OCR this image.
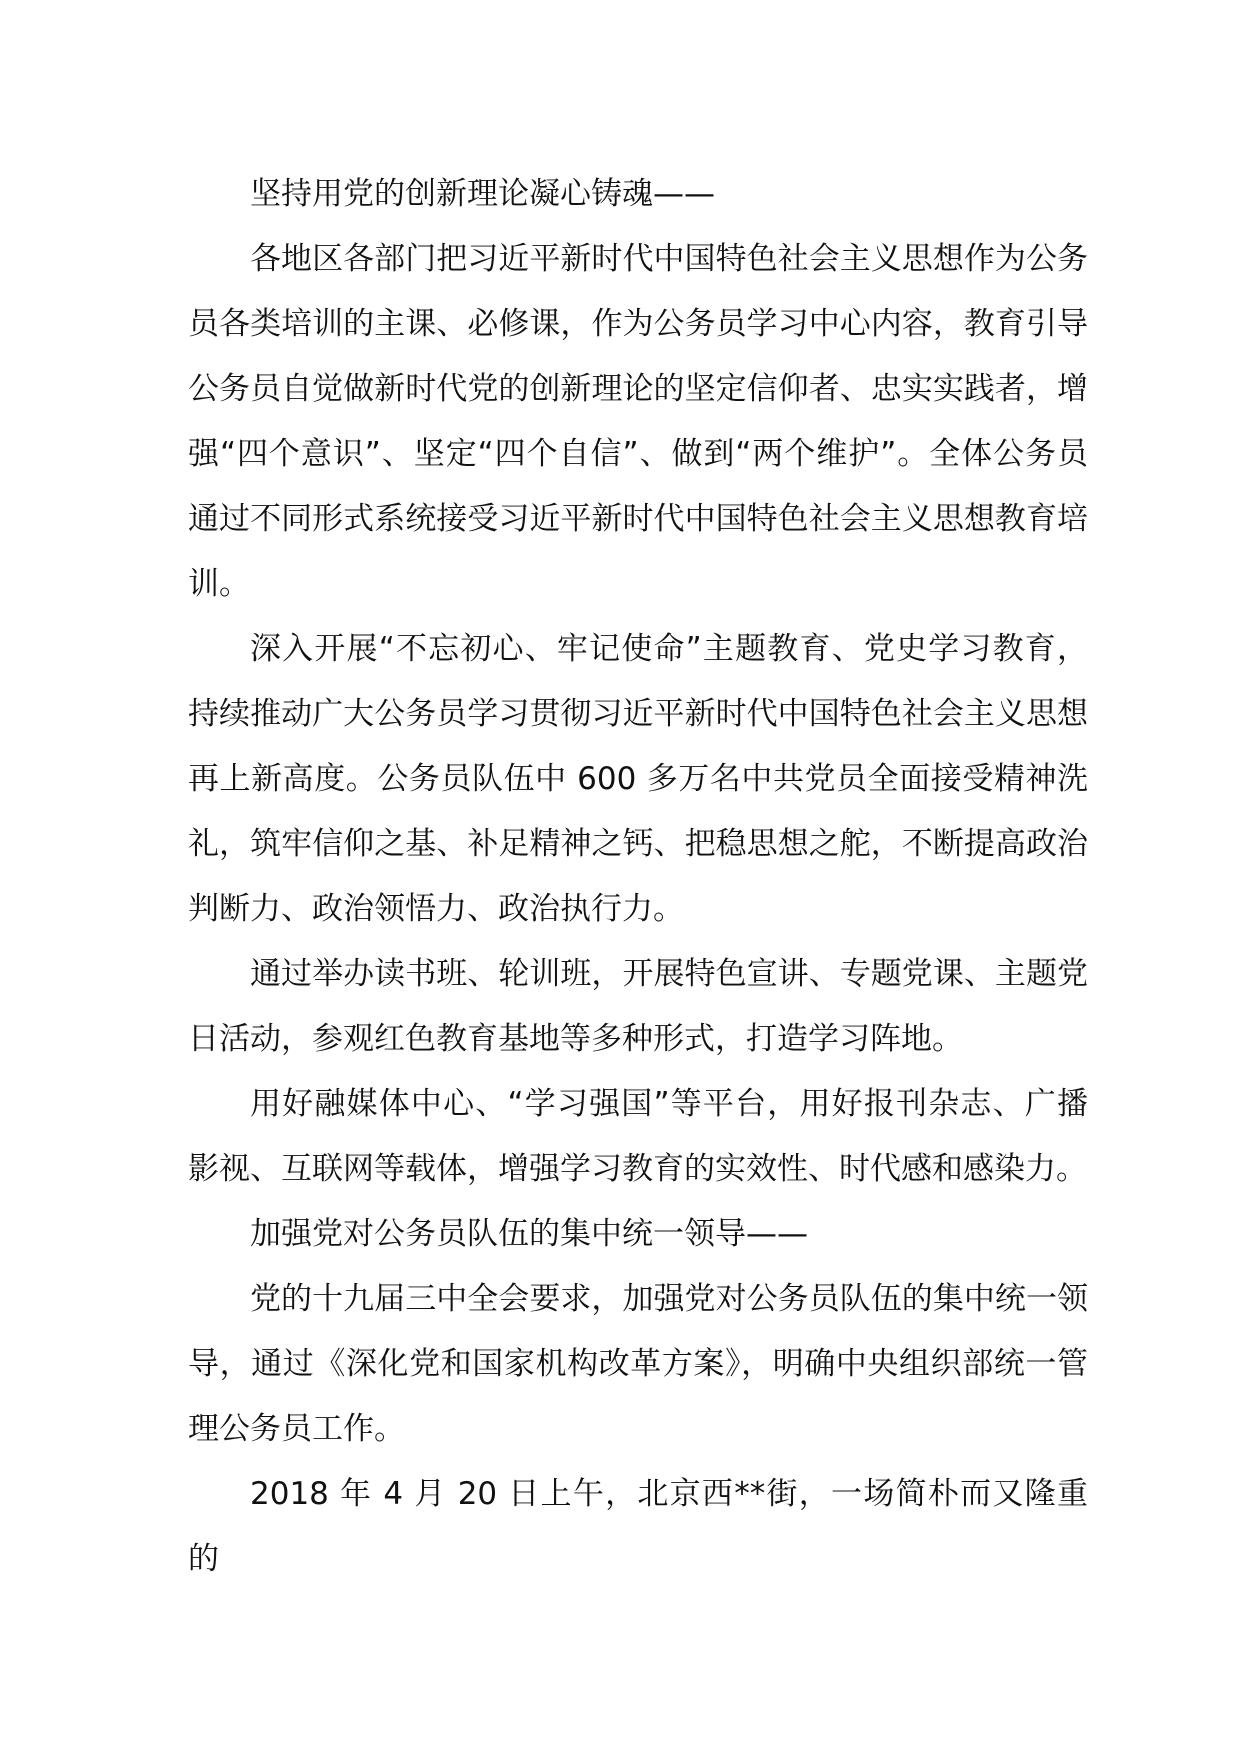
坚持用党的创新理论凝心铸魂——

各地区各部门把习近平新时代中国特色社会主义思想作为公务员各类培训的主课、必修课，作为公务员学习中心内容，教育引导公务员自觉做新时代党的创新理论的坚定信仰者、忠实实践者，增强“四个意识”、坚定“四个自信”、做到“两个维护”。全体公务员通过不同形式系统接受习近平新时代中国特色社会主义思想教育培训。

深入开展“不忘初心、牢记使命”主题教育、党史学习教育，持续推动广大公务员学习贯彻习近平新时代中国特色社会主义思想再上新高度。公务员队伍中 600 多万名中共党员全面接受精神洗礼，筑牢信仰之基、补足精神之钙、把稳思想之舵，不断提高政治判断力、政治领悟力、政治执行力。

通过举办读书班、轮训班，开展特色宣讲、专题党课、主题党日活动，参观红色教育基地等多种形式，打造学习阵地。

用好融媒体中心、“学习强国”等平台，用好报刊杂志、广播影视、互联网等载体，增强学习教育的实效性、时代感和感染力。

加强党对公务员队伍的集中统一领导——

党的十九届三中全会要求，加强党对公务员队伍的集中统一领导，通过《深化党和国家机构改革方案》，明确中央组织部统一管理公务员工作。

2018 年 4 月 20 日上午，北京西**街，一场简朴而又隆重的
